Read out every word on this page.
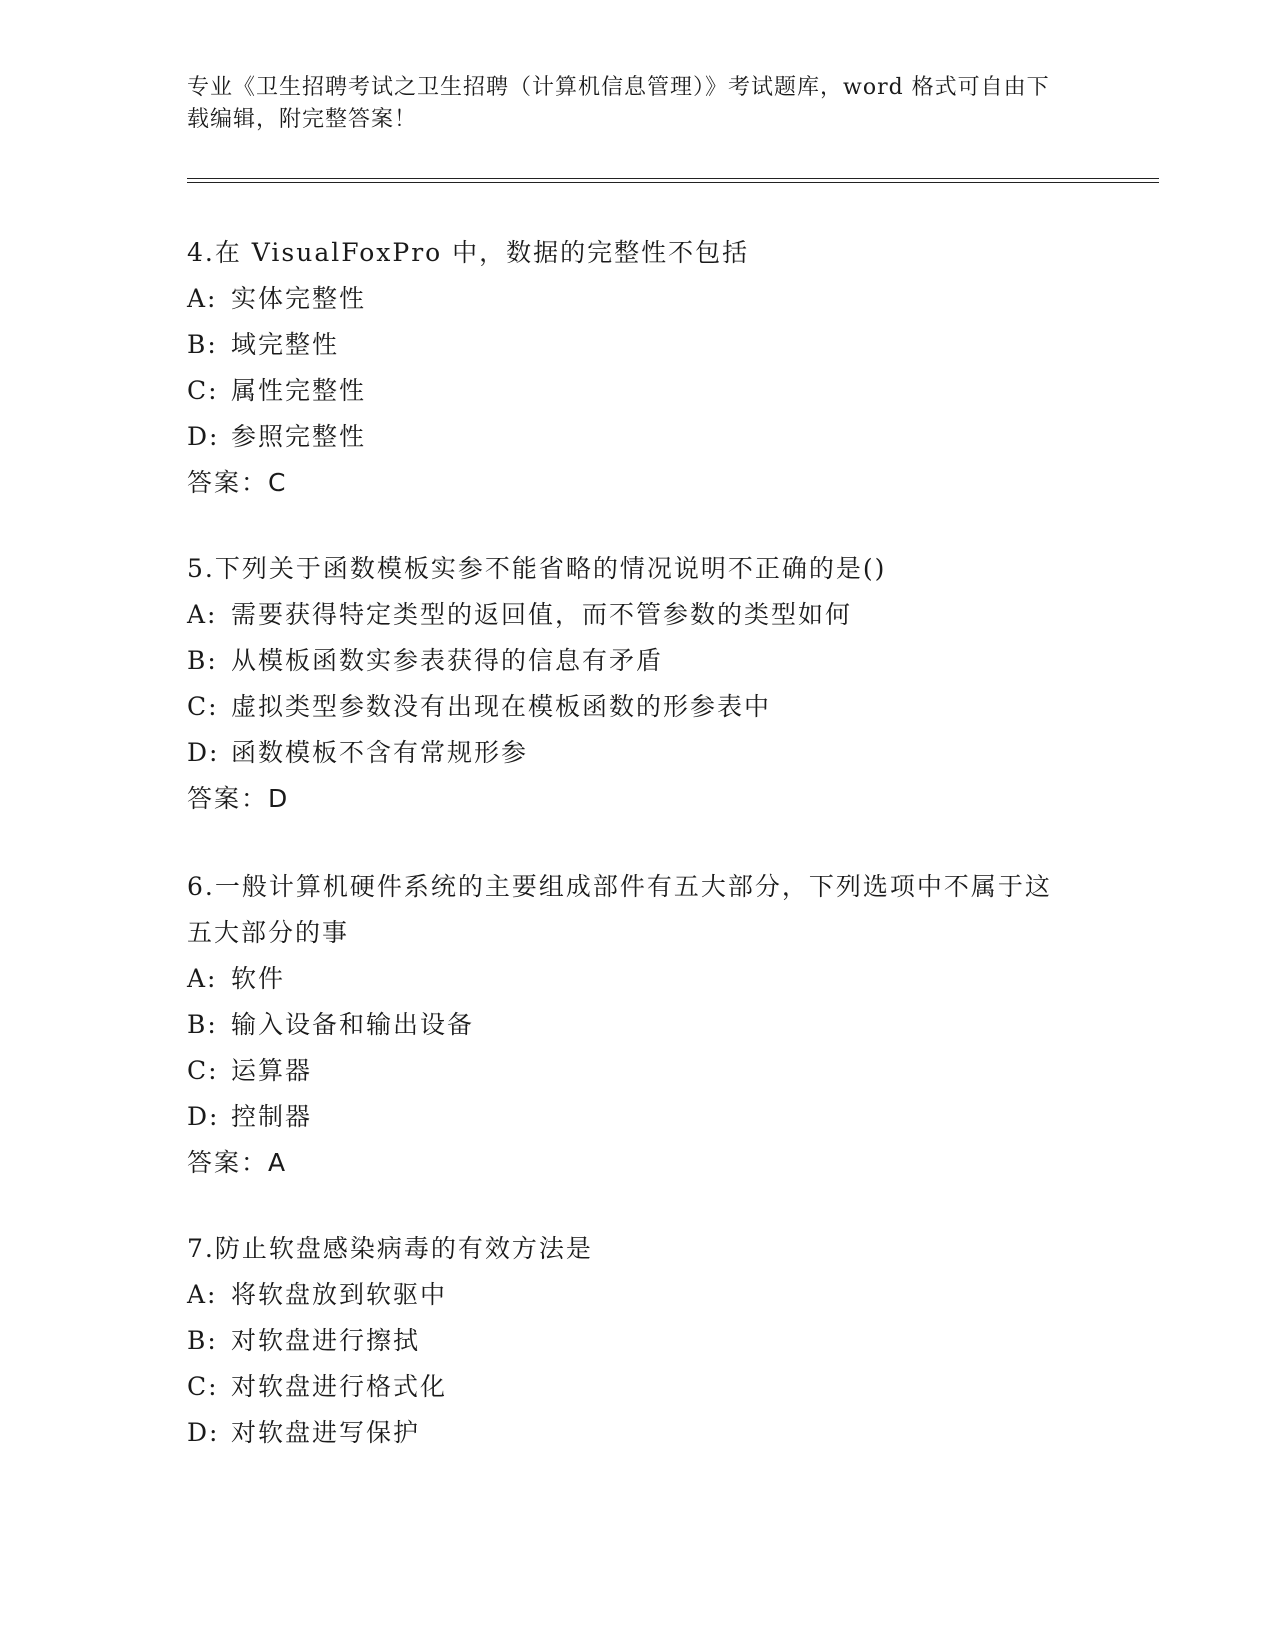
专业《卫生招聘考试之卫生招聘（计算机信息管理）》考试题库，word 格式可自由下载编辑，附完整答案！

4.在 VisualFoxPro 中，数据的完整性不包括

A: 实体完整性

B: 域完整性

C: 属性完整性

D: 参照完整性

答案：C

5.下列关于函数模板实参不能省略的情况说明不正确的是()

A: 需要获得特定类型的返回值，而不管参数的类型如何

B: 从模板函数实参表获得的信息有矛盾

C: 虚拟类型参数没有出现在模板函数的形参表中

D: 函数模板不含有常规形参

答案：D

6.一般计算机硬件系统的主要组成部件有五大部分，下列选项中不属于这五大部分的事

A: 软件

B: 输入设备和输出设备

C: 运算器

D: 控制器

答案：A

7.防止软盘感染病毒的有效方法是

A: 将软盘放到软驱中

B: 对软盘进行擦拭

C: 对软盘进行格式化

D: 对软盘进写保护
